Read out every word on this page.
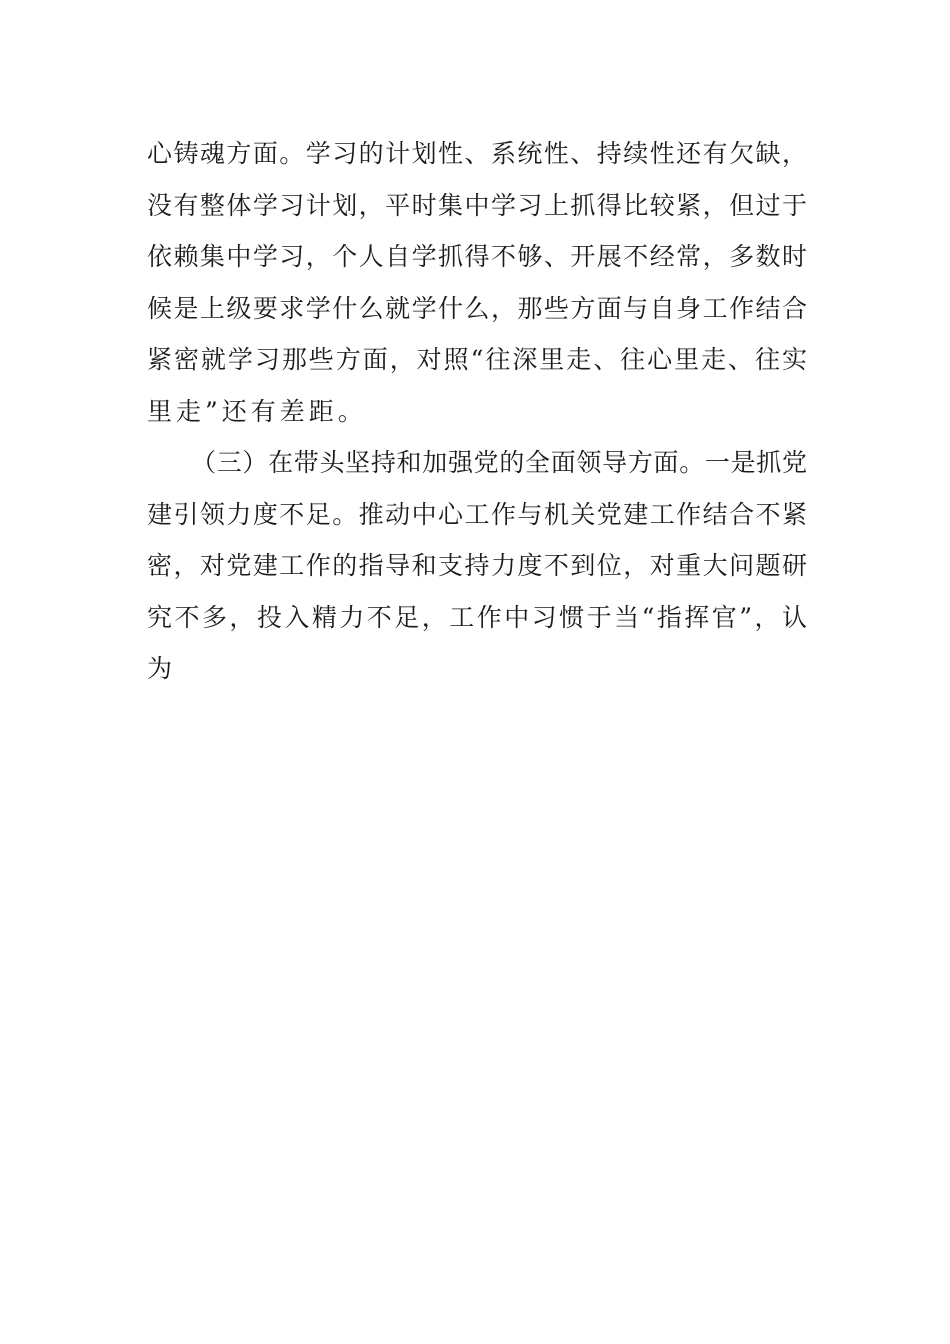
心铸魂方面。学习的计划性、系统性、持续性还有欠缺，
没有整体学习计划，平时集中学习上抓得比较紧，但过于
依赖集中学习，个人自学抓得不够、开展不经常，多数时
候是上级要求学什么就学什么，那些方面与自身工作结合
紧密就学习那些方面，对照“往深里走、往心里走、往实
里走”还有差距。
（三）在带头坚持和加强党的全面领导方面。一是抓党
建引领力度不足。推动中心工作与机关党建工作结合不紧
密，对党建工作的指导和支持力度不到位，对重大问题研
究不多，投入精力不足，工作中习惯于当“指挥官”，认
为
